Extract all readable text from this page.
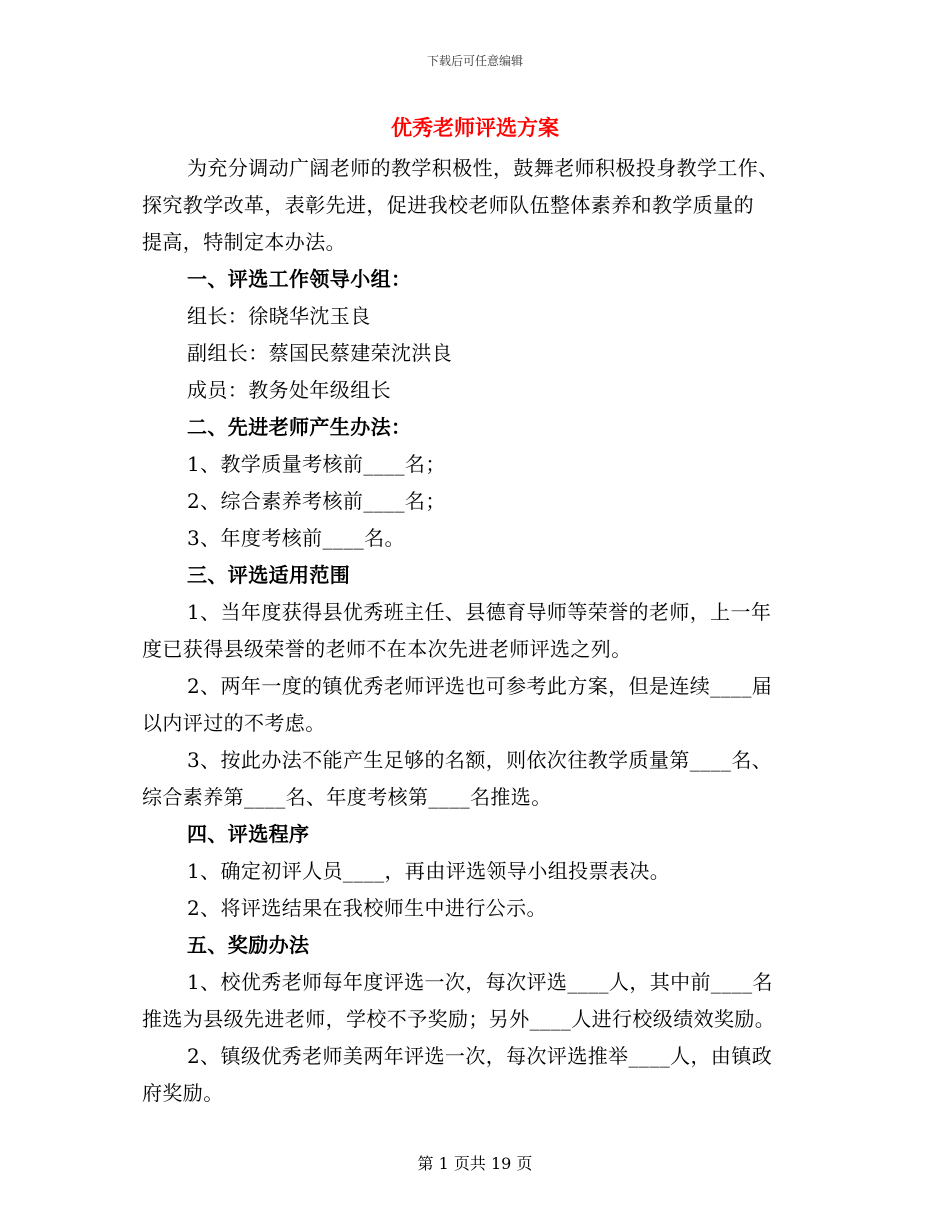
下载后可任意编辑
优秀老师评选方案

为充分调动广阔老师的教学积极性，鼓舞老师积极投身教学工作、

探究教学改革，表彰先进，促进我校老师队伍整体素养和教学质量的

提高，特制定本办法。

一、评选工作领导小组：

组长：徐晓华沈玉良

副组长：蔡国民蔡建荣沈洪良

成员：教务处年级组长

二、先进老师产生办法：

1、教学质量考核前____名；

2、综合素养考核前____名；

3、年度考核前____名。

三、评选适用范围

1、当年度获得县优秀班主任、县德育导师等荣誉的老师，上一年

度已获得县级荣誉的老师不在本次先进老师评选之列。

2、两年一度的镇优秀老师评选也可参考此方案，但是连续____届

以内评过的不考虑。

3、按此办法不能产生足够的名额，则依次往教学质量第____名、

综合素养第____名、年度考核第____名推选。

四、评选程序

1、确定初评人员____，再由评选领导小组投票表决。

2、将评选结果在我校师生中进行公示。

五、奖励办法

1、校优秀老师每年度评选一次，每次评选____人，其中前____名

推选为县级先进老师，学校不予奖励；另外____人进行校级绩效奖励。

2、镇级优秀老师美两年评选一次，每次评选推举____人，由镇政

府奖励。

第 1 页共 19 页
